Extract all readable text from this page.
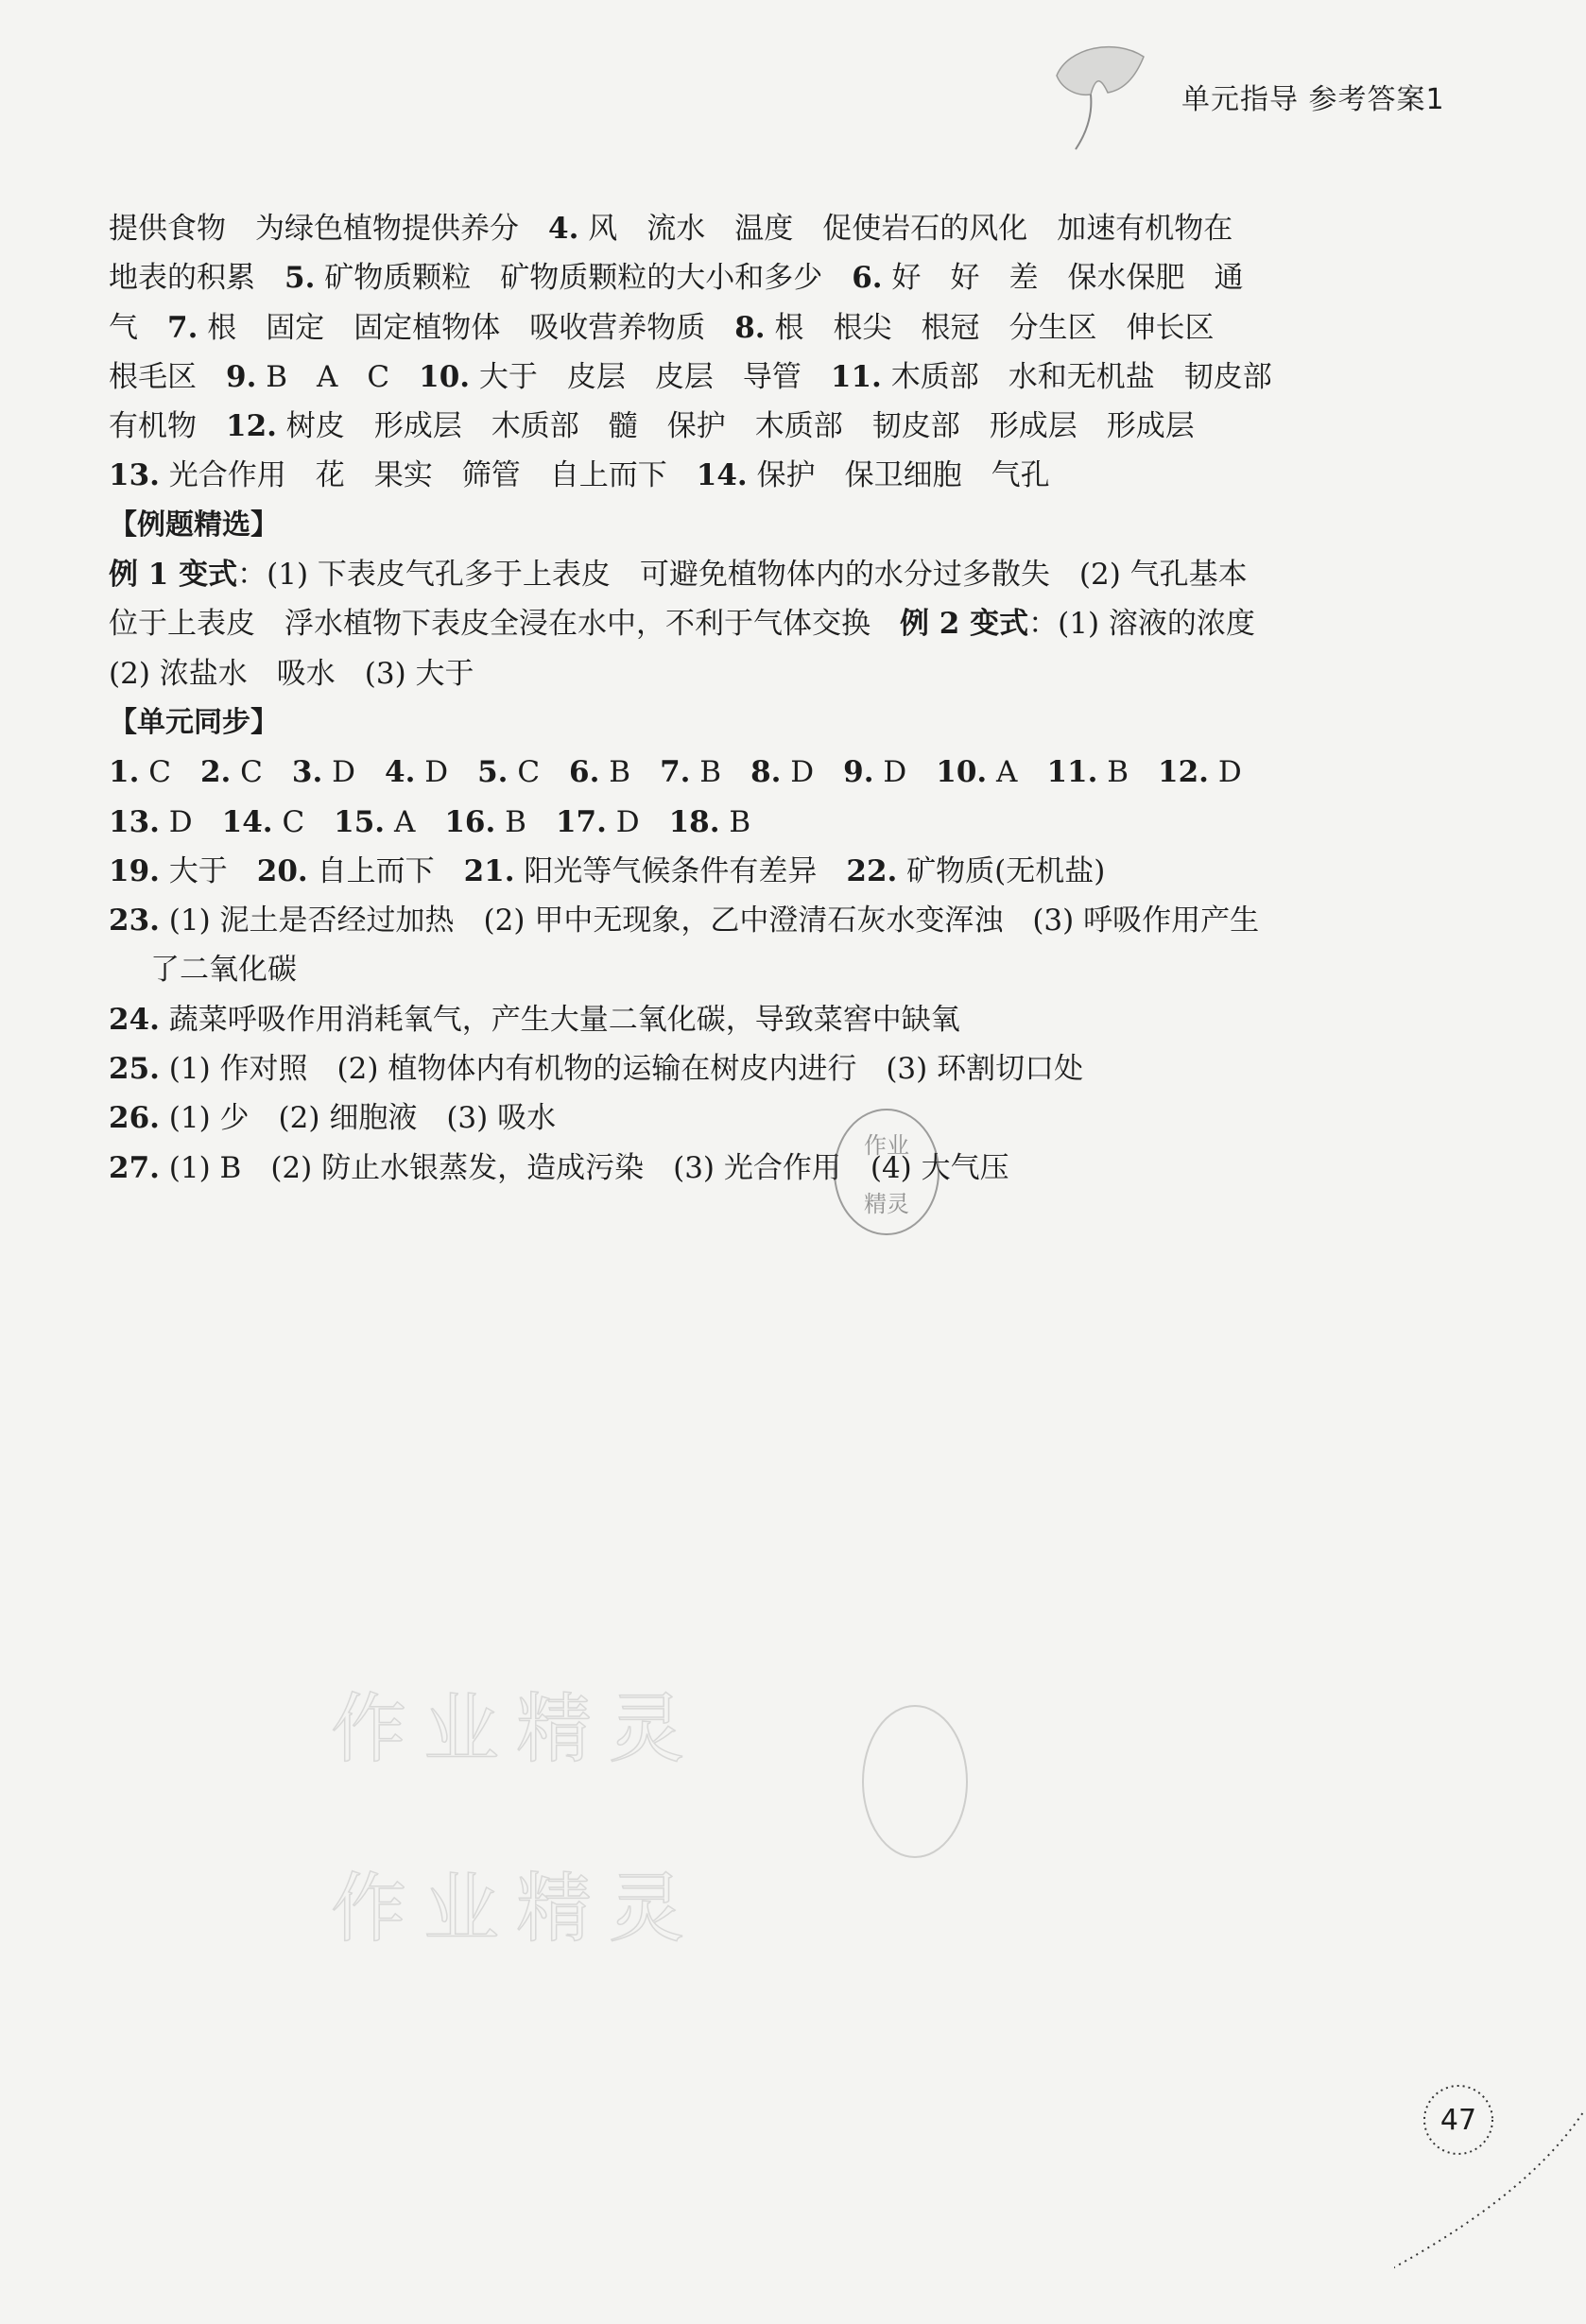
单元指导 参考答案1
提供食物　为绿色植物提供养分　4. 风　流水　温度　促使岩石的风化　加速有机物在
地表的积累　5. 矿物质颗粒　矿物质颗粒的大小和多少　6. 好　好　差　保水保肥　通
气　7. 根　固定　固定植物体　吸收营养物质　8. 根　根尖　根冠　分生区　伸长区
根毛区　9. B　A　C　10. 大于　皮层　皮层　导管　11. 木质部　水和无机盐　韧皮部
有机物　12. 树皮　形成层　木质部　髓　保护　木质部　韧皮部　形成层　形成层
13. 光合作用　花　果实　筛管　自上而下　14. 保护　保卫细胞　气孔
【例题精选】
例 1 变式：(1) 下表皮气孔多于上表皮　可避免植物体内的水分过多散失　(2) 气孔基本
位于上表皮　浮水植物下表皮全浸在水中，不利于气体交换　例 2 变式：(1) 溶液的浓度
(2) 浓盐水　吸水　(3) 大于
【单元同步】
1. C　2. C　3. D　4. D　5. C　6. B　7. B　8. D　9. D　10. A　11. B　12. D
13. D　14. C　15. A　16. B　17. D　18. B
19. 大于　20. 自上而下　21. 阳光等气候条件有差异　22. 矿物质(无机盐)
23. (1) 泥土是否经过加热　(2) 甲中无现象，乙中澄清石灰水变浑浊　(3) 呼吸作用产生
了二氧化碳
24. 蔬菜呼吸作用消耗氧气，产生大量二氧化碳，导致菜窖中缺氧
25. (1) 作对照　(2) 植物体内有机物的运输在树皮内进行　(3) 环割切口处
26. (1) 少　(2) 细胞液　(3) 吸水
27. (1) B　(2) 防止水银蒸发，造成污染　(3) 光合作用　(4) 大气压
作业
精灵
作业精灵
作业精灵
47
